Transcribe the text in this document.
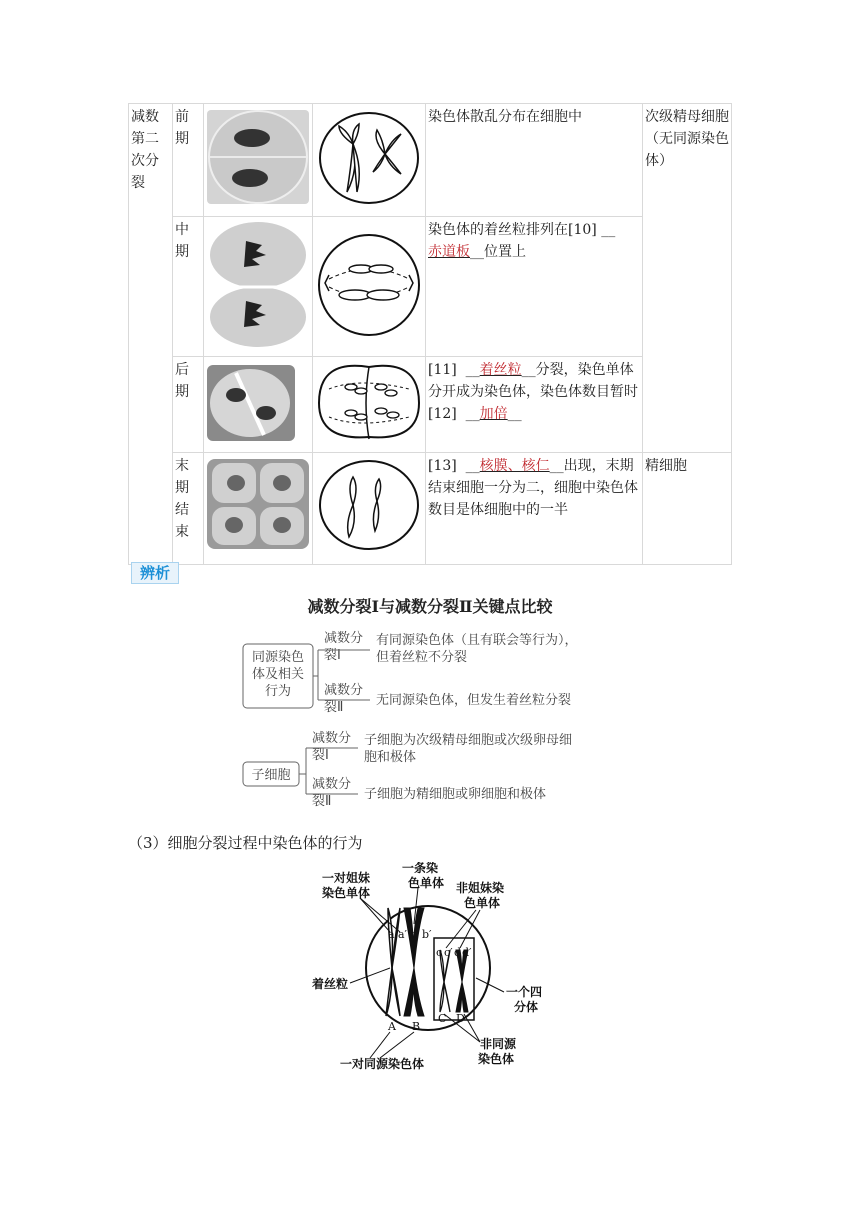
减数第二次分裂	前期			染色体散乱分布在细胞中	次级精母细胞（无同源染色体）

	中期			染色体的着丝粒排列在[10] __
赤道板__位置上	

	后期			[11]  __着丝粒__分裂，染色单体分开成为染色体，染色体数目暂时[12]  __加倍__	

	末期结束			[13]  __核膜、核仁__出现，末期结束细胞一分为二，细胞中染色体数目是体细胞中的一半	精细胞
辨析
减数分裂Ⅰ与减数分裂Ⅱ关键点比较
同源染色体及相关行为
减数分裂Ⅰ
有同源染色体（且有联会等行为），但着丝粒不分裂
减数分裂Ⅱ	无同源染色体，但发生着丝粒分裂
子细胞
减数分裂Ⅰ
子细胞为次级精母细胞或次级卵母细胞和极体
减数分裂Ⅱ	子细胞为精细胞或卵细胞和极体
（3）细胞分裂过程中染色体的行为
一对姐妹染色单体
一条染色单体 非姐妹染色单体
着丝粒
一个四分体
非同源染色体
一对同源染色体
a a′ b b′
c c′ d d′
A B
C D
